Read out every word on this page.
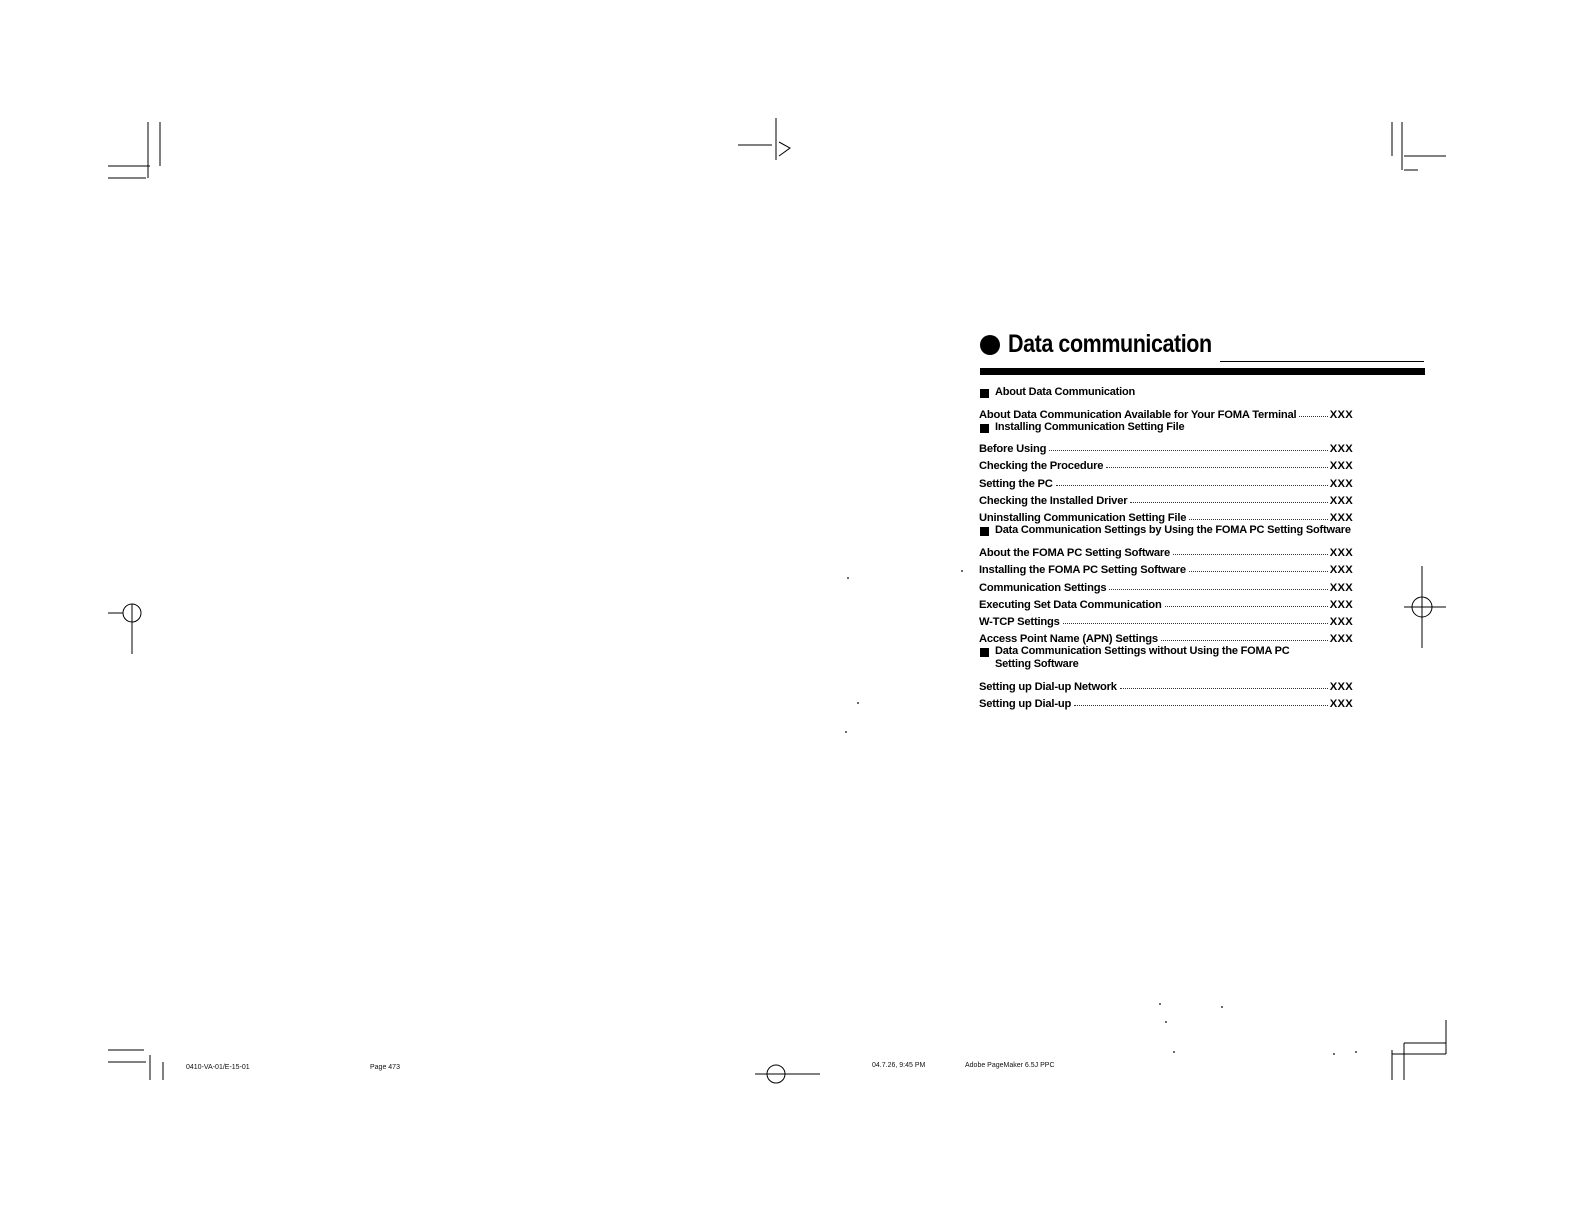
Data communication
About Data Communication
About Data Communication Available for Your FOMA Terminal	XXX
Installing Communication Setting File
Before Using	XXX
Checking the Procedure	XXX
Setting the PC	XXX
Checking the Installed Driver	XXX
Uninstalling Communication Setting File	XXX
Data Communication Settings by Using the FOMA PC Setting Software
About the FOMA PC Setting Software	XXX
Installing the FOMA PC Setting Software	XXX
Communication Settings	XXX
Executing Set Data Communication	XXX
W-TCP Settings	XXX
Access Point Name (APN) Settings	XXX
Data Communication Settings without Using the FOMA PC Setting Software
Setting up Dial-up Network	XXX
Setting up Dial-up	XXX
0410-VA-01/E-15-01	Page 473	04.7.26, 9:45 PM	Adobe PageMaker 6.5J PPC
